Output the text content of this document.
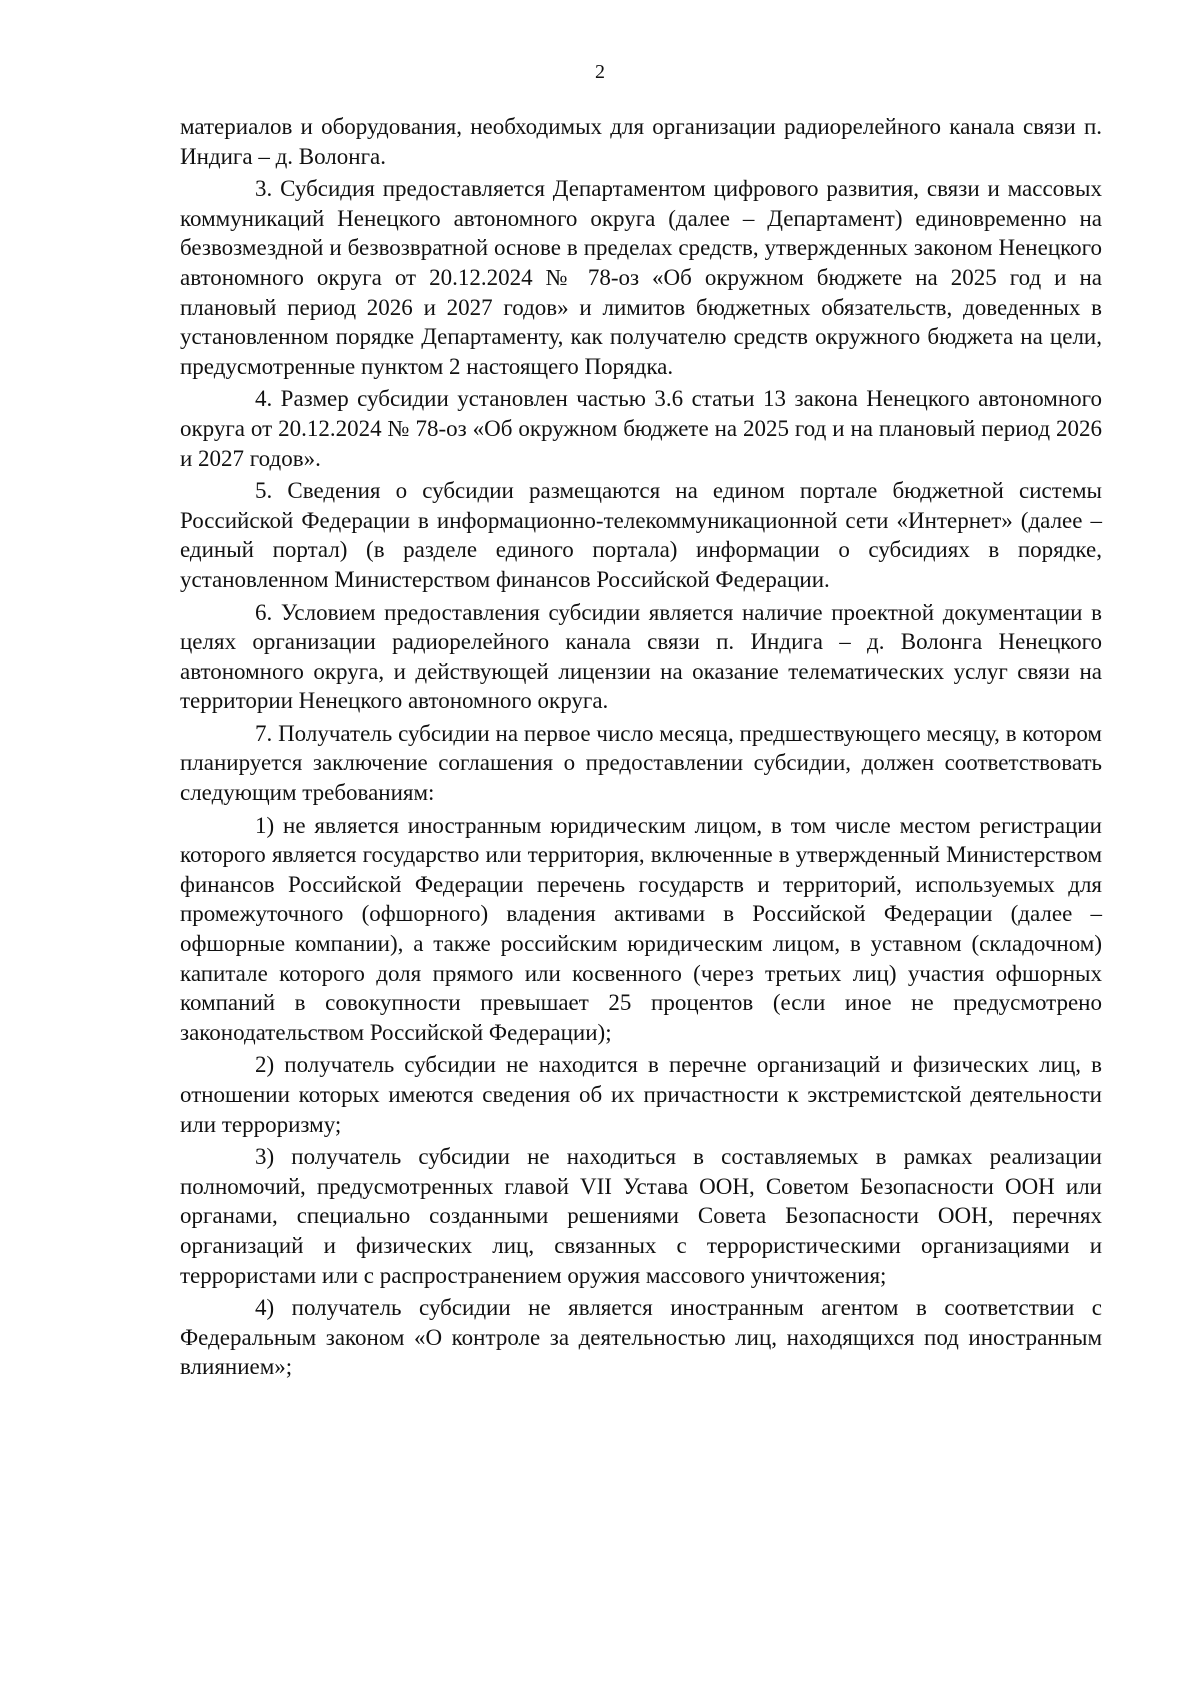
2

материалов и оборудования, необходимых для организации радиорелейного канала связи п. Индига – д. Волонга.

3. Субсидия предоставляется Департаментом цифрового развития, связи и массовых коммуникаций Ненецкого автономного округа (далее – Департамент) единовременно на безвозмездной и безвозвратной основе в пределах средств, утвержденных законом Ненецкого автономного округа от 20.12.2024 № 78-оз «Об окружном бюджете на 2025 год и на плановый период 2026 и 2027 годов» и лимитов бюджетных обязательств, доведенных в установленном порядке Департаменту, как получателю средств окружного бюджета на цели, предусмотренные пунктом 2 настоящего Порядка.

4. Размер субсидии установлен частью 3.6 статьи 13 закона Ненецкого автономного округа от 20.12.2024 № 78-оз «Об окружном бюджете на 2025 год и на плановый период 2026 и 2027 годов».

5. Сведения о субсидии размещаются на едином портале бюджетной системы Российской Федерации в информационно-телекоммуникационной сети «Интернет» (далее – единый портал) (в разделе единого портала) информации о субсидиях в порядке, установленном Министерством финансов Российской Федерации.

6. Условием предоставления субсидии является наличие проектной документации в целях организации радиорелейного канала связи п. Индига – д. Волонга Ненецкого автономного округа, и действующей лицензии на оказание телематических услуг связи на территории Ненецкого автономного округа.

7. Получатель субсидии на первое число месяца, предшествующего месяцу, в котором планируется заключение соглашения о предоставлении субсидии, должен соответствовать следующим требованиям:

1) не является иностранным юридическим лицом, в том числе местом регистрации которого является государство или территория, включенные в утвержденный Министерством финансов Российской Федерации перечень государств и территорий, используемых для промежуточного (офшорного) владения активами в Российской Федерации (далее – офшорные компании), а также российским юридическим лицом, в уставном (складочном) капитале которого доля прямого или косвенного (через третьих лиц) участия офшорных компаний в совокупности превышает 25 процентов (если иное не предусмотрено законодательством Российской Федерации);

2) получатель субсидии не находится в перечне организаций и физических лиц, в отношении которых имеются сведения об их причастности к экстремистской деятельности или терроризму;

3) получатель субсидии не находиться в составляемых в рамках реализации полномочий, предусмотренных главой VII Устава ООН, Советом Безопасности ООН или органами, специально созданными решениями Совета Безопасности ООН, перечнях организаций и физических лиц, связанных с террористическими организациями и террористами или с распространением оружия массового уничтожения;

4) получатель субсидии не является иностранным агентом в соответствии с Федеральным законом «О контроле за деятельностью лиц, находящихся под иностранным влиянием»;
